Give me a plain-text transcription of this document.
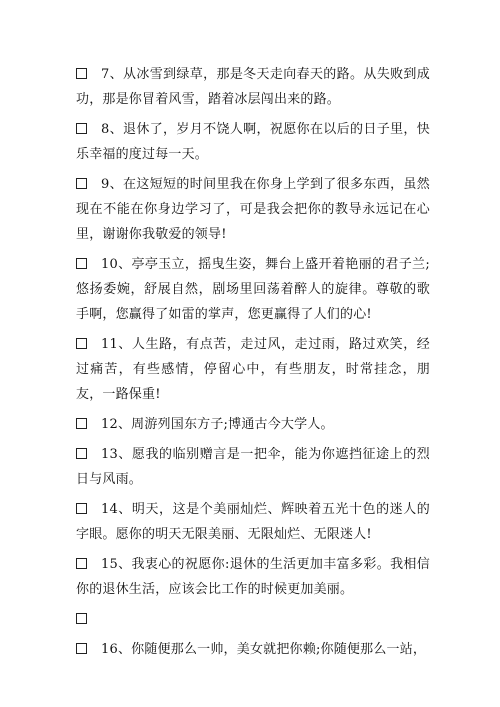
7、从冰雪到绿草，那是冬天走向春天的路。从失败到成功，那是你冒着风雪，踏着冰层闯出来的路。

8、退休了，岁月不饶人啊，祝愿你在以后的日子里，快乐幸福的度过每一天。

9、在这短短的时间里我在你身上学到了很多东西，虽然现在不能在你身边学习了，可是我会把你的教导永远记在心里，谢谢你我敬爱的领导!

10、亭亭玉立，摇曳生姿，舞台上盛开着艳丽的君子兰;悠扬委婉，舒展自然，剧场里回荡着醉人的旋律。尊敬的歌手啊，您赢得了如雷的掌声，您更赢得了人们的心!

11、人生路，有点苦，走过风，走过雨，路过欢笑，经过痛苦，有些感情，停留心中，有些朋友，时常挂念，朋友，一路保重!

12、周游列国东方子;博通古今大学人。

13、愿我的临别赠言是一把伞，能为你遮挡征途上的烈日与风雨。

14、明天，这是个美丽灿烂、辉映着五光十色的迷人的字眼。愿你的明天无限美丽、无限灿烂、无限迷人!

15、我衷心的祝愿你:退休的生活更加丰富多彩。我相信你的退休生活，应该会比工作的时候更加美丽。

16、你随便那么一帅，美女就把你赖;你随便那么一站，
